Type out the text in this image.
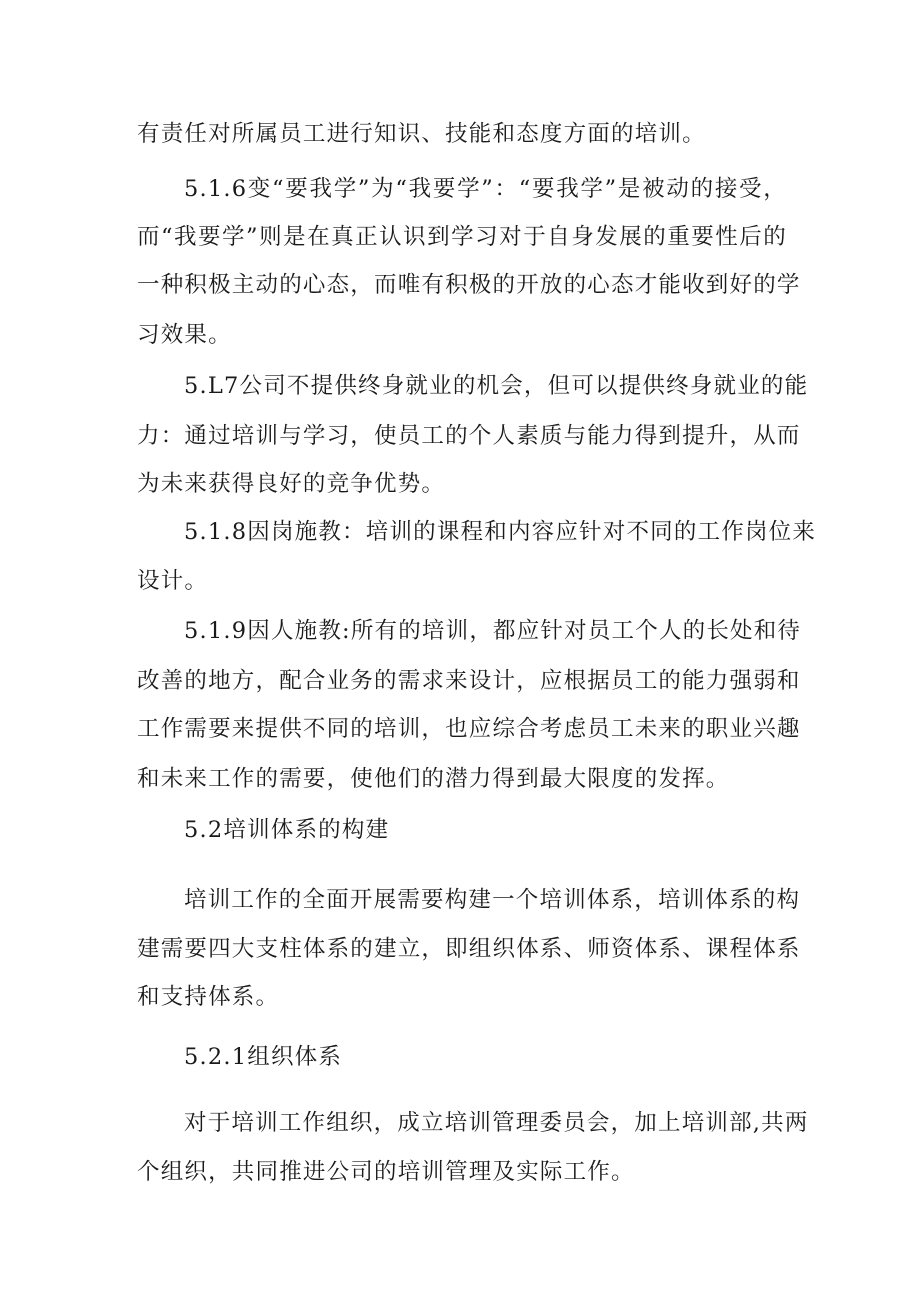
有责任对所属员工进行知识、技能和态度方面的培训。
5.1.6变“要我学”为“我要学”：“要我学”是被动的接受，
而“我要学”则是在真正认识到学习对于自身发展的重要性后的
一种积极主动的心态，而唯有积极的开放的心态才能收到好的学
习效果。
5.L7公司不提供终身就业的机会，但可以提供终身就业的能
力：通过培训与学习，使员工的个人素质与能力得到提升，从而
为未来获得良好的竞争优势。
5.1.8因岗施教：培训的课程和内容应针对不同的工作岗位来
设计。
5.1.9因人施教:所有的培训，都应针对员工个人的长处和待
改善的地方，配合业务的需求来设计，应根据员工的能力强弱和
工作需要来提供不同的培训，也应综合考虑员工未来的职业兴趣
和未来工作的需要，使他们的潜力得到最大限度的发挥。
5.2培训体系的构建
培训工作的全面开展需要构建一个培训体系，培训体系的构
建需要四大支柱体系的建立，即组织体系、师资体系、课程体系
和支持体系。
5.2.1组织体系
对于培训工作组织，成立培训管理委员会，加上培训部,共两
个组织，共同推进公司的培训管理及实际工作。
